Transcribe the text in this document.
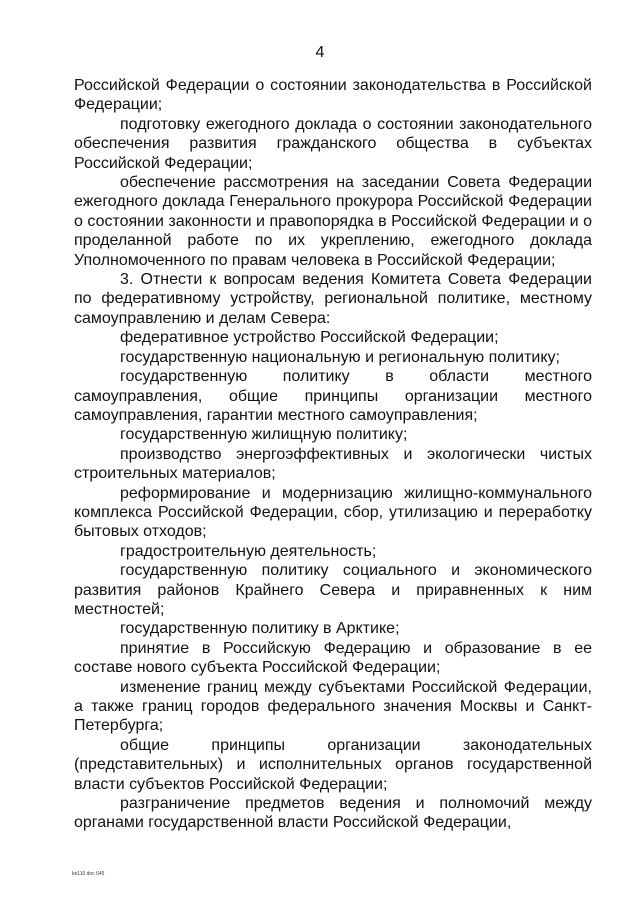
4

Российской Федерации о состоянии законодательства в Российской Федерации;

подготовку ежегодного доклада о состоянии законодательного обеспечения развития гражданского общества в субъектах Российской Федерации;

обеспечение рассмотрения на заседании Совета Федерации ежегодного доклада Генерального прокурора Российской Федерации о состоянии законности и правопорядка в Российской Федерации и о проделанной работе по их укреплению, ежегодного доклада Уполномоченного по правам человека в Российской Федерации;

3. Отнести к вопросам ведения Комитета Совета Федерации по федеративному устройству, региональной политике, местному самоуправлению и делам Севера:

федеративное устройство Российской Федерации;

государственную национальную и региональную политику;

государственную политику в области местного самоуправления, общие принципы организации местного самоуправления, гарантии местного самоуправления;

государственную жилищную политику;

производство энергоэффективных и экологически чистых строительных материалов;

реформирование и модернизацию жилищно-коммунального комплекса Российской Федерации, сбор, утилизацию и переработку бытовых отходов;

градостроительную деятельность;

государственную политику социального и экономического развития районов Крайнего Севера и приравненных к ним местностей;

государственную политику в Арктике;

принятие в Российскую Федерацию и образование в ее составе нового субъекта Российской Федерации;

изменение границ между субъектами Российской Федерации, а также границ городов федерального значения Москвы и Санкт-Петербурга;

общие принципы организации законодательных (представительных) и исполнительных органов государственной власти субъектов Российской Федерации;

разграничение предметов ведения и полномочий между органами государственной власти Российской Федерации,

ke110 doc 645
